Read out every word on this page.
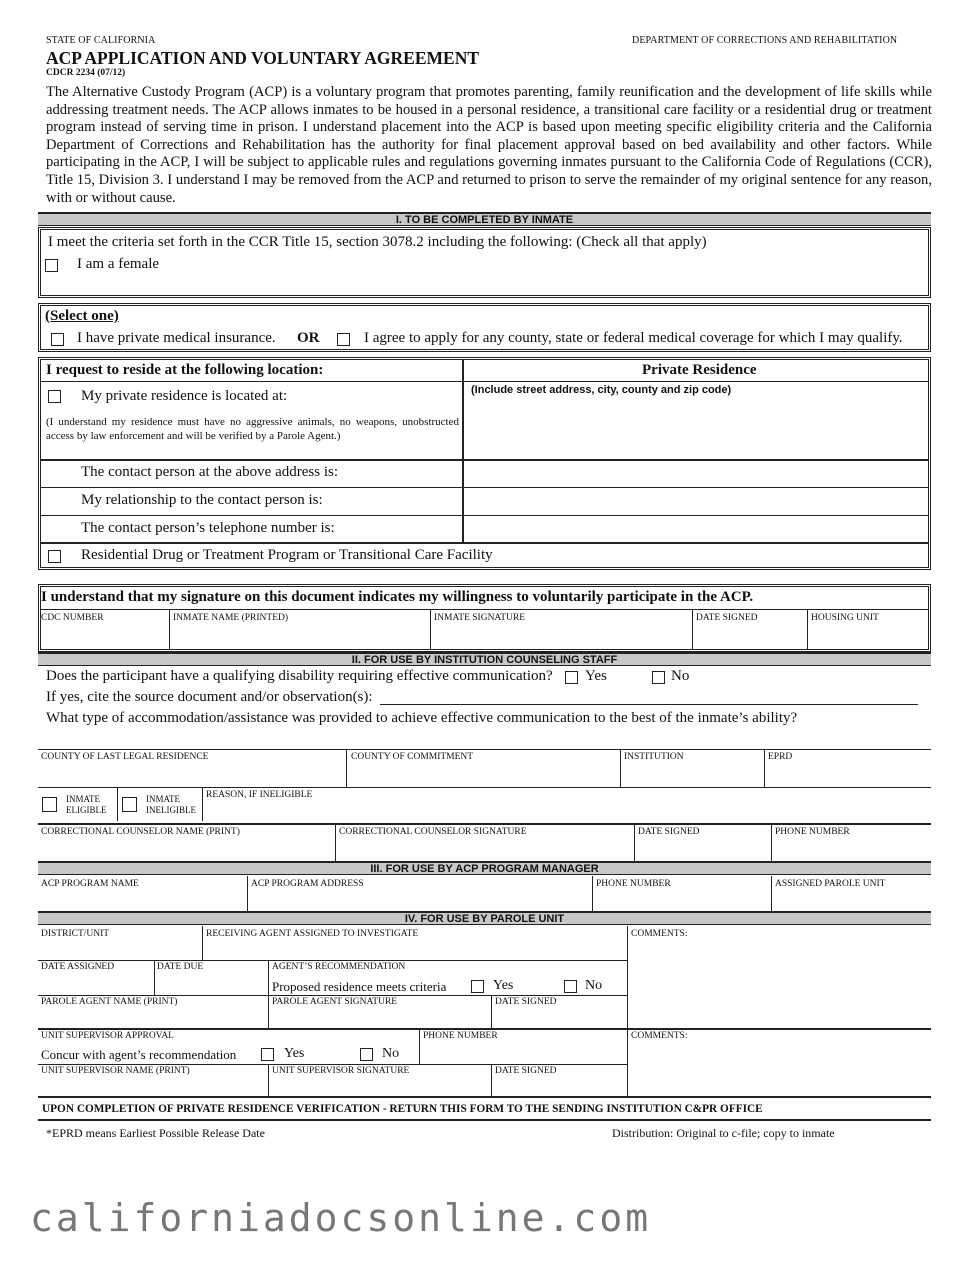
STATE OF CALIFORNIA	DEPARTMENT OF CORRECTIONS AND REHABILITATION
ACP APPLICATION AND VOLUNTARY AGREEMENT
CDCR 2234 (07/12)
The Alternative Custody Program (ACP) is a voluntary program that promotes parenting, family reunification and the development of life skills while addressing treatment needs. The ACP allows inmates to be housed in a personal residence, a transitional care facility or a residential drug or treatment program instead of serving time in prison. I understand placement into the ACP is based upon meeting specific eligibility criteria and the California Department of Corrections and Rehabilitation has the authority for final placement approval based on bed availability and other factors. While participating in the ACP, I will be subject to applicable rules and regulations governing inmates pursuant to the California Code of Regulations (CCR), Title 15, Division 3. I understand I may be removed from the ACP and returned to prison to serve the remainder of my original sentence for any reason, with or without cause.
I. TO BE COMPLETED BY INMATE
I meet the criteria set forth in the CCR Title 15, section 3078.2 including the following: (Check all that apply)
I am a female
(Select one)
I have private medical insurance. OR	I agree to apply for any county, state or federal medical coverage for which I may qualify.
I request to reside at the following location:	Private Residence
My private residence is located at:	(Include street address, city, county and zip code)
(I understand my residence must have no aggressive animals, no weapons, unobstructed access by law enforcement and will be verified by a Parole Agent.)
The contact person at the above address is:
My relationship to the contact person is:
The contact person’s telephone number is:
Residential Drug or Treatment Program or Transitional Care Facility
I understand that my signature on this document indicates my willingness to voluntarily participate in the ACP.
CDC NUMBER	INMATE NAME (PRINTED)	INMATE SIGNATURE	DATE SIGNED	HOUSING UNIT
II. FOR USE BY INSTITUTION COUNSELING STAFF
Does the participant have a qualifying disability requiring effective communication? Yes	No
If yes, cite the source document and/or observation(s):
What type of accommodation/assistance was provided to achieve effective communication to the best of the inmate’s ability?
COUNTY OF LAST LEGAL RESIDENCE	COUNTY OF COMMITMENT	INSTITUTION	EPRD
INMATE ELIGIBLE
INMATE INELIGIBLE
REASON, IF INELIGIBLE
CORRECTIONAL COUNSELOR NAME (PRINT)	CORRECTIONAL COUNSELOR SIGNATURE	DATE SIGNED	PHONE NUMBER
III. FOR USE BY ACP PROGRAM MANAGER
ACP PROGRAM NAME	ACP PROGRAM ADDRESS	PHONE NUMBER	ASSIGNED PAROLE UNIT
IV. FOR USE BY PAROLE UNIT
DISTRICT/UNIT	RECEIVING AGENT ASSIGNED TO INVESTIGATE	COMMENTS:
DATE ASSIGNED	DATE DUE	AGENT’S RECOMMENDATION
Proposed residence meets criteria	Yes	No
PAROLE AGENT NAME (PRINT)	PAROLE AGENT SIGNATURE	DATE SIGNED
UNIT SUPERVISOR APPROVAL	PHONE NUMBER	COMMENTS:
Concur with agent’s recommendation	Yes	No
UNIT SUPERVISOR NAME (PRINT)	UNIT SUPERVISOR SIGNATURE	DATE SIGNED
UPON COMPLETION OF PRIVATE RESIDENCE VERIFICATION - RETURN THIS FORM TO THE SENDING INSTITUTION C&PR OFFICE
*EPRD means Earliest Possible Release Date	Distribution: Original to c-file; copy to inmate
californiadocsonline.com
